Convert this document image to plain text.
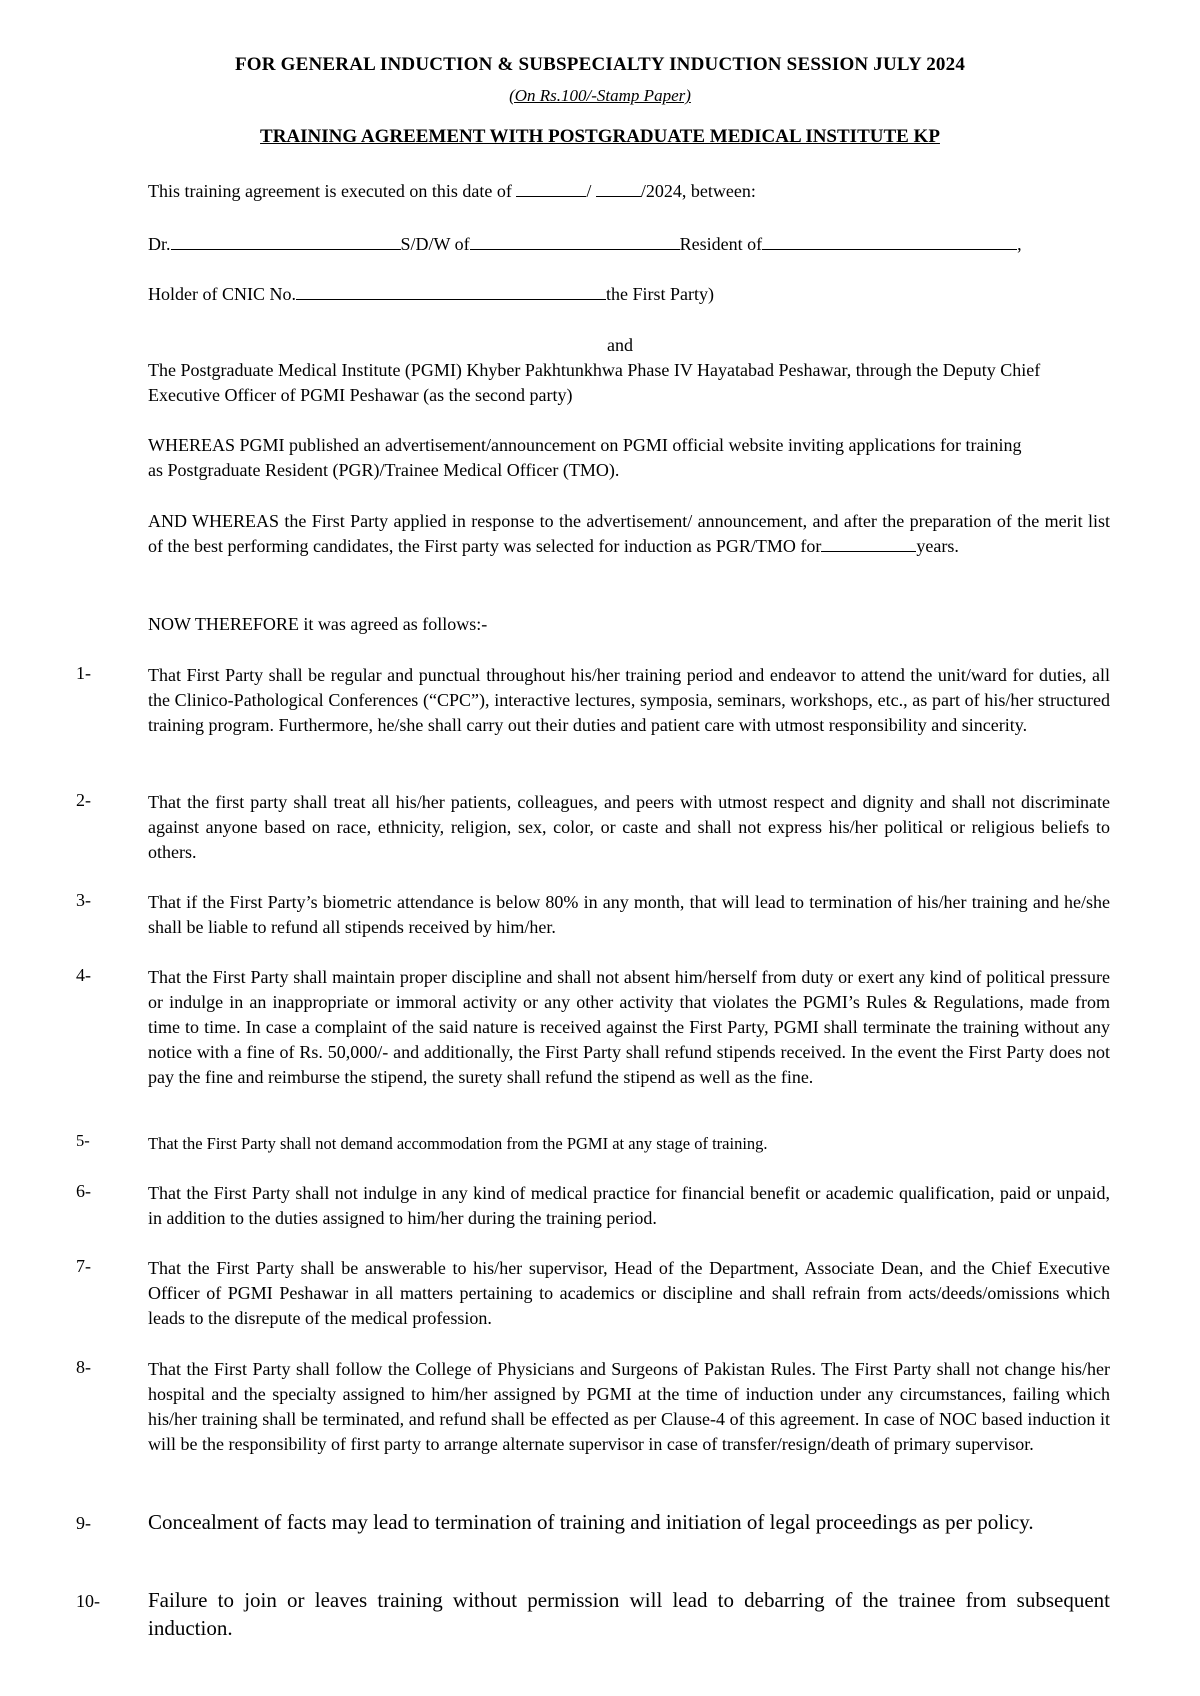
FOR GENERAL INDUCTION & SUBSPECIALTY INDUCTION SESSION JULY 2024
(On Rs.100/-Stamp Paper)
TRAINING AGREEMENT WITH POSTGRADUATE MEDICAL INSTITUTE KP
This training agreement is executed on this date of	/	/2024, between:
Dr.	S/D/W of	Resident of	,
Holder of CNIC No.	the First Party)
and
The Postgraduate Medical Institute (PGMI) Khyber Pakhtunkhwa Phase IV Hayatabad Peshawar, through the Deputy Chief Executive Officer of PGMI Peshawar (as the second party)
WHEREAS PGMI published an advertisement/announcement on PGMI official website inviting applications for training as Postgraduate Resident (PGR)/Trainee Medical Officer (TMO).
AND WHEREAS the First Party applied in response to the advertisement/ announcement, and after the preparation of the merit list of the best performing candidates, the First party was selected for induction as PGR/TMO for	years.
NOW THEREFORE it was agreed as follows:-
1-	That First Party shall be regular and punctual throughout his/her training period and endeavor to attend the unit/ward for duties, all the Clinico-Pathological Conferences (“CPC”), interactive lectures, symposia, seminars, workshops, etc., as part of his/her structured training program. Furthermore, he/she shall carry out their duties and patient care with utmost responsibility and sincerity.
2-	That the first party shall treat all his/her patients, colleagues, and peers with utmost respect and dignity and shall not discriminate against anyone based on race, ethnicity, religion, sex, color, or caste and shall not express his/her political or religious beliefs to others.
3-	That if the First Party’s biometric attendance is below 80% in any month, that will lead to termination of his/her training and he/she shall be liable to refund all stipends received by him/her.
4-	That the First Party shall maintain proper discipline and shall not absent him/herself from duty or exert any kind of political pressure or indulge in an inappropriate or immoral activity or any other activity that violates the PGMI’s Rules & Regulations, made from time to time. In case a complaint of the said nature is received against the First Party, PGMI shall terminate the training without any notice with a fine of Rs. 50,000/- and additionally, the First Party shall refund stipends received. In the event the First Party does not pay the fine and reimburse the stipend, the surety shall refund the stipend as well as the fine.
5-	That the First Party shall not demand accommodation from the PGMI at any stage of training.
6-	That the First Party shall not indulge in any kind of medical practice for financial benefit or academic qualification, paid or unpaid, in addition to the duties assigned to him/her during the training period.
7-	That the First Party shall be answerable to his/her supervisor, Head of the Department, Associate Dean, and the Chief Executive Officer of PGMI Peshawar in all matters pertaining to academics or discipline and shall refrain from acts/deeds/omissions which leads to the disrepute of the medical profession.
8-	That the First Party shall follow the College of Physicians and Surgeons of Pakistan Rules. The First Party shall not change his/her hospital and the specialty assigned to him/her assigned by PGMI at the time of induction under any circumstances, failing which his/her training shall be terminated, and refund shall be effected as per Clause-4 of this agreement. In case of NOC based induction it will be the responsibility of first party to arrange alternate supervisor in case of transfer/resign/death of primary supervisor.
9-	Concealment of facts may lead to termination of training and initiation of legal proceedings as per policy.
10- Failure to join or leaves training without permission will lead to debarring of the trainee from subsequent induction.
